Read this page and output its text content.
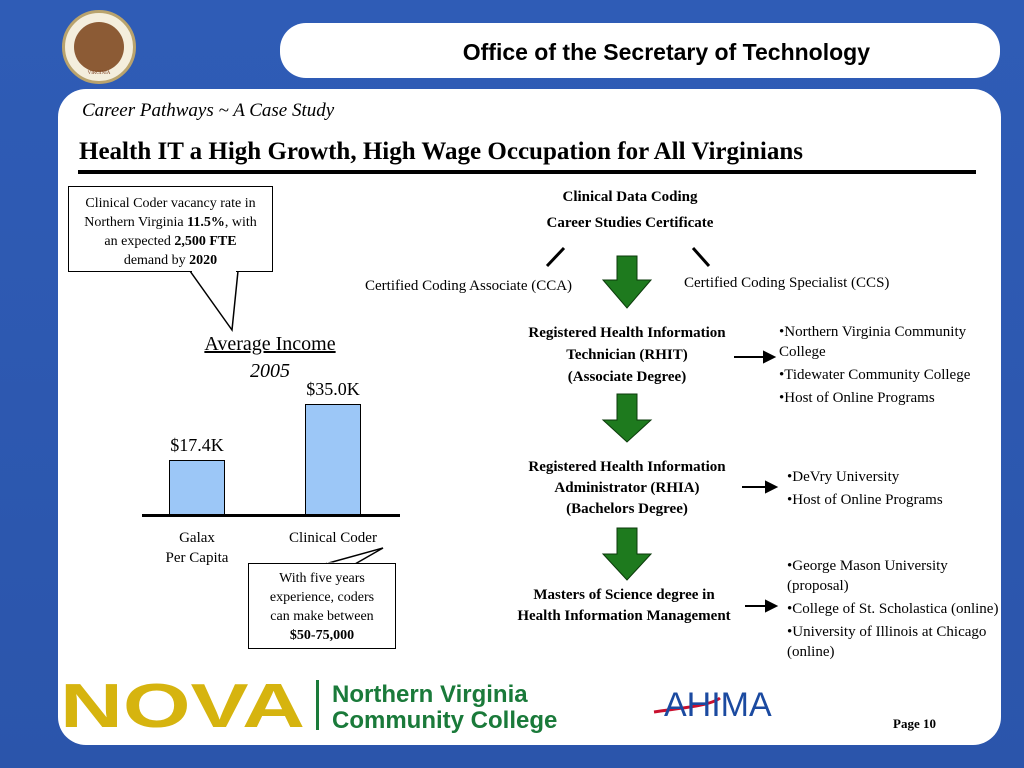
VIRGINIA
Office of the Secretary of Technology
Career Pathways ~ A Case Study
Health IT a High Growth, High Wage Occupation for All Virginians
Clinical Coder vacancy rate in
Northern Virginia 11.5%, with
an expected 2,500 FTE
demand by 2020
Average Income
2005
$17.4K
Galax
Per Capita
$35.0K
Clinical Coder
With five years
experience, coders
can make between
$50-75,000
Clinical Data Coding
Career Studies Certificate
Certified Coding Associate (CCA)	Certified Coding Specialist (CCS)
Registered Health Information
Technician (RHIT)
(Associate Degree)
Registered Health Information
Administrator (RHIA)
(Bachelors Degree)
Masters of Science degree in
Health Information Management
•Northern Virginia Community College
•Tidewater Community College
•Host of Online Programs
•DeVry University
•Host of Online Programs
•George Mason University (proposal)
•College of St. Scholastica (online)
•University of Illinois at Chicago (online)
NOVA Northern Virginia
Community College	AHIMA	Page 10
